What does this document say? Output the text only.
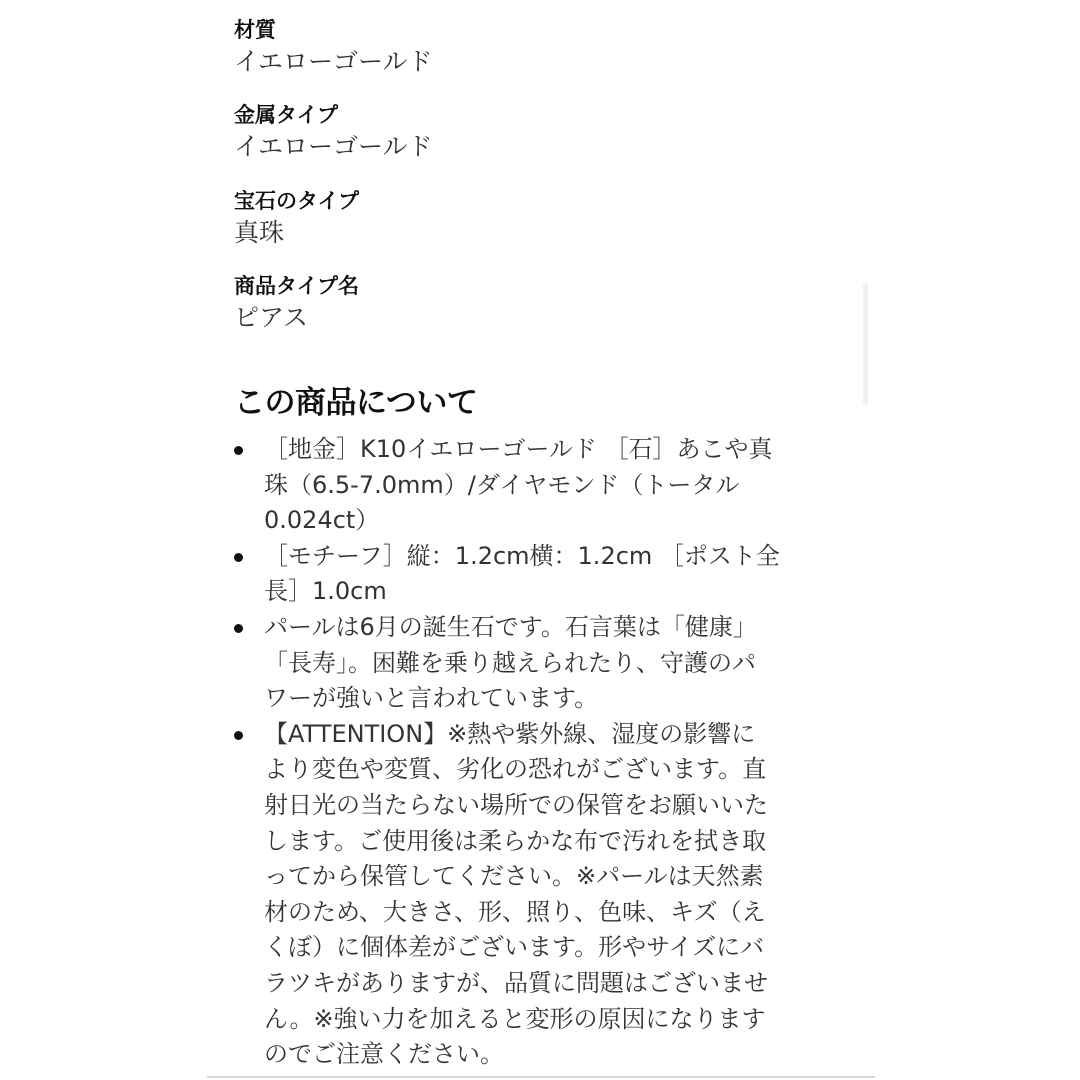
材質
イエローゴールド
金属タイプ
イエローゴールド
宝石のタイプ
真珠
商品タイプ名
ピアス
この商品について
［地金］K10イエローゴールド ［石］あこや真
珠（6.5-7.0mm）/ダイヤモンド（トータル
0.024ct）
［モチーフ］縦：1.2cm横：1.2cm ［ポスト全
長］1.0cm
パールは6月の誕生石です。石言葉は「健康」
「長寿」。困難を乗り越えられたり、守護のパ
ワーが強いと言われています。
【ATTENTION】※熱や紫外線、湿度の影響に
より変色や変質、劣化の恐れがございます。直
射日光の当たらない場所での保管をお願いいた
します。ご使用後は柔らかな布で汚れを拭き取
ってから保管してください。※パールは天然素
材のため、大きさ、形、照り、色味、キズ（え
くぼ）に個体差がございます。形やサイズにバ
ラツキがありますが、品質に問題はございませ
ん。※強い力を加えると変形の原因になります
のでご注意ください。
